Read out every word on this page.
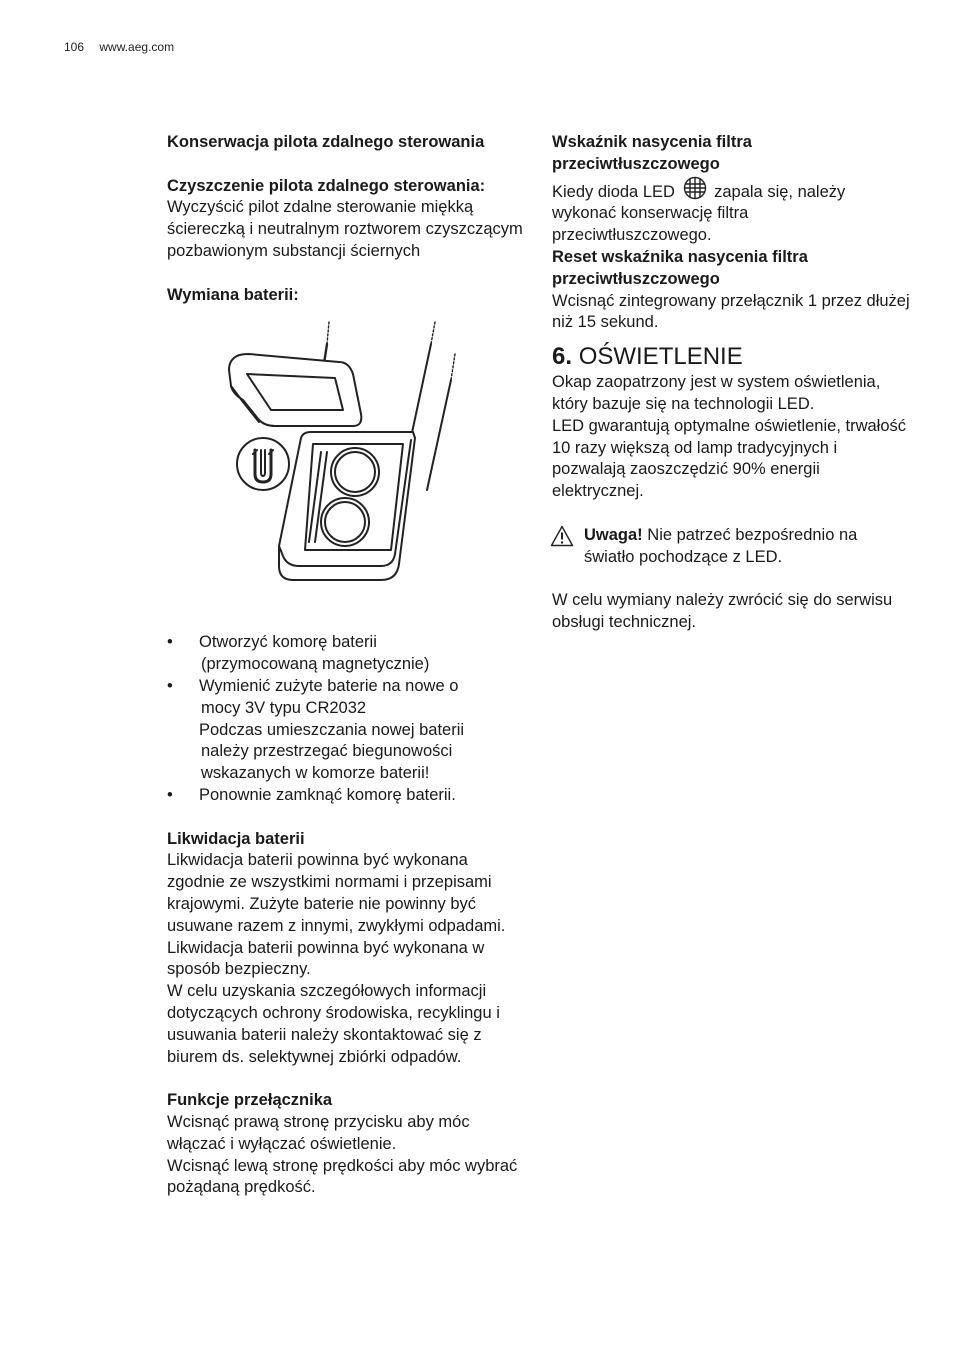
106 www.aeg.com

Konserwacja pilota zdalnego sterowania

Czyszczenie pilota zdalnego sterowania:

Wyczyścić pilot zdalne sterowanie miękką ściereczką i neutralnym roztworem czyszczącym pozbawionym substancji ściernych

Wymiana baterii:

• Otworzyć komorę baterii
(przymocowaną magnetycznie)
• Wymienić zużyte baterie na nowe o
mocy 3V typu CR2032
Podczas umieszczania nowej baterii
należy przestrzegać biegunowości
wskazanych w komorze baterii!
• Ponownie zamknąć komorę baterii.

Likwidacja baterii

Likwidacja baterii powinna być wykonana zgodnie ze wszystkimi normami i przepisami krajowymi. Zużyte baterie nie powinny być usuwane razem z innymi, zwykłymi odpadami.

Likwidacja baterii powinna być wykonana w sposób bezpieczny.

W celu uzyskania szczegółowych informacji dotyczących ochrony środowiska, recyklingu i usuwania baterii należy skontaktować się z biurem ds. selektywnej zbiórki odpadów.

Funkcje przełącznika

Wcisnąć prawą stronę przycisku aby móc włączać i wyłączać oświetlenie.

Wcisnąć lewą stronę prędkości aby móc wybrać pożądaną prędkość.

Wskaźnik nasycenia filtra przeciwtłuszczowego

Kiedy dioda LED zapala się, należy wykonać konserwację filtra przeciwtłuszczowego.

Reset wskaźnika nasycenia filtra przeciwtłuszczowego

Wcisnąć zintegrowany przełącznik 1 przez dłużej niż 15 sekund.

6. OŚWIETLENIE

Okap zaopatrzony jest w system oświetlenia, który bazuje się na technologii LED.

LED gwarantują optymalne oświetlenie, trwałość 10 razy większą od lamp tradycyjnych i pozwalają zaoszczędzić 90% energii elektrycznej.

Uwaga! Nie patrzeć bezpośrednio na światło pochodzące z LED.

W celu wymiany należy zwrócić się do serwisu obsługi technicznej.
